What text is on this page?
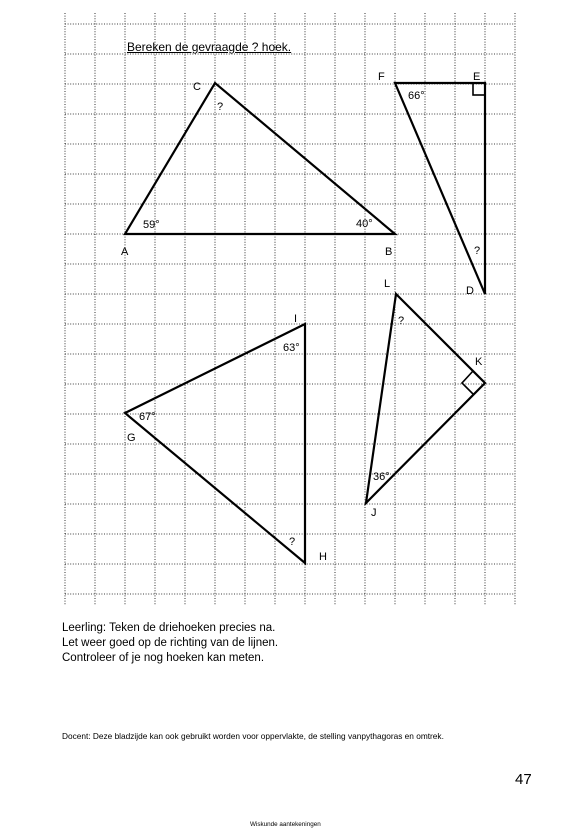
A	B
C
59°	40°
?
F	E
D
66°
?
I
G
H
63°
67°
?
L
K
J
?
36°
Bereken de gevraagde ? hoek.
Leerling: Teken de driehoeken precies na.
Let weer goed op de richting van de lijnen.
Controleer of je nog hoeken kan meten.
Docent: Deze bladzijde kan ook gebruikt worden voor oppervlakte, de stelling vanpythagoras en omtrek.
47
Wiskunde aantekeningen
